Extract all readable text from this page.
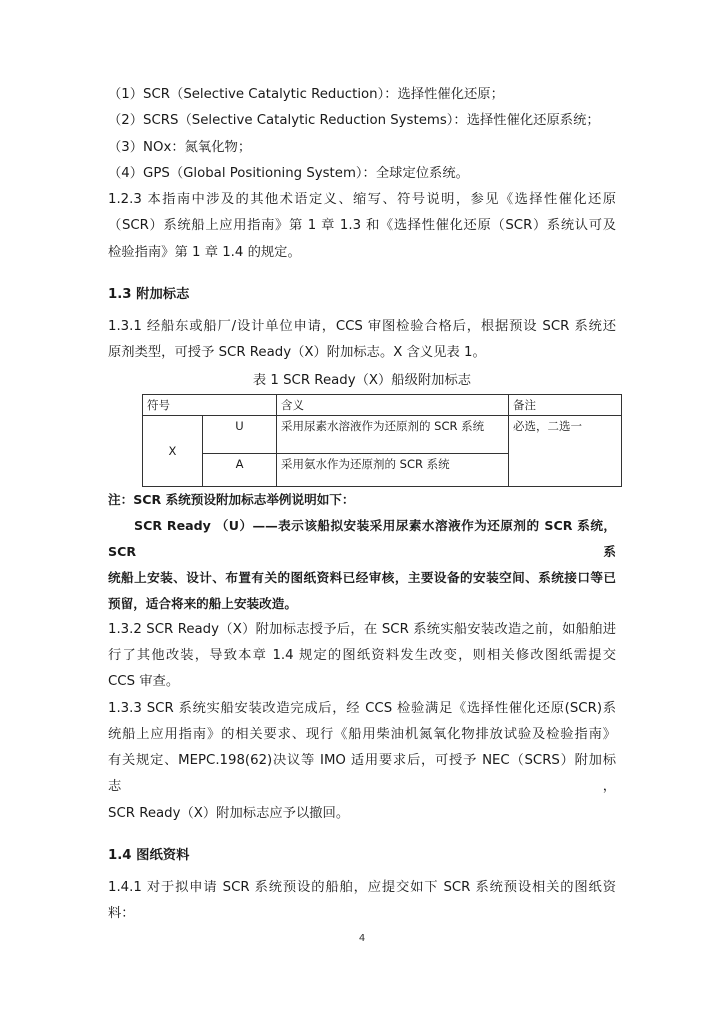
（1）SCR（Selective Catalytic Reduction）：选择性催化还原；

（2）SCRS（Selective Catalytic Reduction Systems）：选择性催化还原系统；

（3）NOx：氮氧化物；

（4）GPS（Global Positioning System）：全球定位系统。

1.2.3 本指南中涉及的其他术语定义、缩写、符号说明，参见《选择性催化还原

（SCR）系统船上应用指南》第 1 章 1.3 和《选择性催化还原（SCR）系统认可及

检验指南》第 1 章 1.4 的规定。

1.3 附加标志

1.3.1 经船东或船厂/设计单位申请，CCS 审图检验合格后，根据预设 SCR 系统还

原剂类型，可授予 SCR Ready（X）附加标志。X 含义见表 1。

表 1 SCR Ready（X）船级附加标志

符号		含义	备注
X	U	采用尿素水溶液作为还原剂的 SCR 系统	必选，二选一
	A	采用氨水作为还原剂的 SCR 系统	

注：SCR 系统预设附加标志举例说明如下：

SCR Ready （U）——表示该船拟安装采用尿素水溶液作为还原剂的 SCR 系统，SCR 系

统船上安装、设计、布置有关的图纸资料已经审核，主要设备的安装空间、系统接口等已

预留，适合将来的船上安装改造。

1.3.2 SCR Ready（X）附加标志授予后，在 SCR 系统实船安装改造之前，如船舶进

行了其他改装，导致本章 1.4 规定的图纸资料发生改变，则相关修改图纸需提交

CCS 审查。

1.3.3 SCR 系统实船安装改造完成后，经 CCS 检验满足《选择性催化还原(SCR)系

统船上应用指南》的相关要求、现行《船用柴油机氮氧化物排放试验及检验指南》

有关规定、MEPC.198(62)决议等 IMO 适用要求后，可授予 NEC（SCRS）附加标志，

SCR Ready（X）附加标志应予以撤回。

1.4 图纸资料

1.4.1 对于拟申请 SCR 系统预设的船舶，应提交如下 SCR 系统预设相关的图纸资

料：

4
